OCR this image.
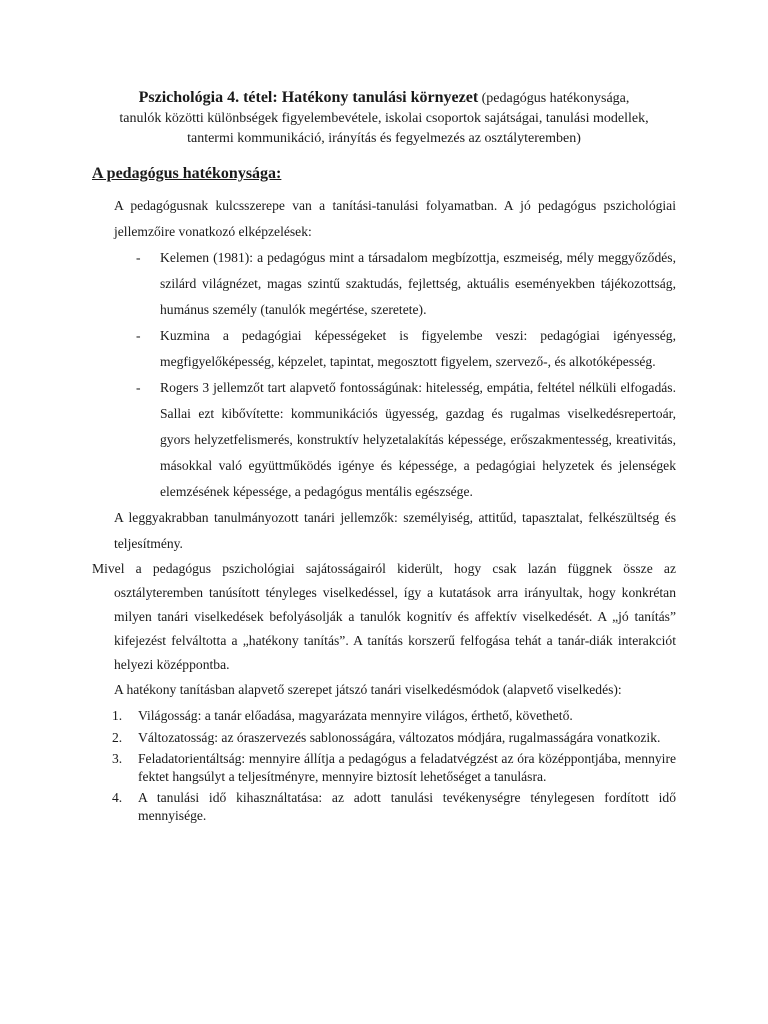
Pszichológia 4. tétel: Hatékony tanulási környezet (pedagógus hatékonysága, tanulók közötti különbségek figyelembevétele, iskolai csoportok sajátságai, tanulási modellek, tantermi kommunikáció, irányítás és fegyelmezés az osztályteremben)
A pedagógus hatékonysága:
A pedagógusnak kulcsszerepe van a tanítási-tanulási folyamatban. A jó pedagógus pszichológiai jellemzőire vonatkozó elképzelések:
- Kelemen (1981): a pedagógus mint a társadalom megbízottja, eszmeiség, mély meggyőződés, szilárd világnézet, magas szintű szaktudás, fejlettség, aktuális eseményekben tájékozottság, humánus személy (tanulók megértése, szeretete).
- Kuzmina a pedagógiai képességeket is figyelembe veszi: pedagógiai igényesség, megfigyelőképesség, képzelet, tapintat, megosztott figyelem, szervező-, és alkotóképesség.
- Rogers 3 jellemzőt tart alapvető fontosságúnak: hitelesség, empátia, feltétel nélküli elfogadás. Sallai ezt kibővítette: kommunikációs ügyesség, gazdag és rugalmas viselkedésrepertoár, gyors helyzetfelismerés, konstruktív helyzetalakítás képessége, erőszakmentesség, kreativitás, másokkal való együttműködés igénye és képessége, a pedagógiai helyzetek és jelenségek elemzésének képessége, a pedagógus mentális egészsége.
A leggyakrabban tanulmányozott tanári jellemzők: személyiség, attitűd, tapasztalat, felkészültség és teljesítmény.
Mivel a pedagógus pszichológiai sajátosságairól kiderült, hogy csak lazán függnek össze az osztályteremben tanúsított tényleges viselkedéssel, így a kutatások arra irányultak, hogy konkrétan milyen tanári viselkedések befolyásolják a tanulók kognitív és affektív viselkedését. A „jó tanítás” kifejezést felváltotta a „hatékony tanítás”. A tanítás korszerű felfogása tehát a tanár-diák interakciót helyezi középpontba.
A hatékony tanításban alapvető szerepet játszó tanári viselkedésmódok (alapvető viselkedés):
1. Világosság: a tanár előadása, magyarázata mennyire világos, érthető, követhető.
2. Változatosság: az óraszervezés sablonosságára, változatos módjára, rugalmasságára vonatkozik.
3. Feladatorientáltság: mennyire állítja a pedagógus a feladatvégzést az óra középpontjába, mennyire fektet hangsúlyt a teljesítményre, mennyire biztosít lehetőséget a tanulásra.
4. A tanulási idő kihasználtatása: az adott tanulási tevékenységre ténylegesen fordított idő mennyisége.
